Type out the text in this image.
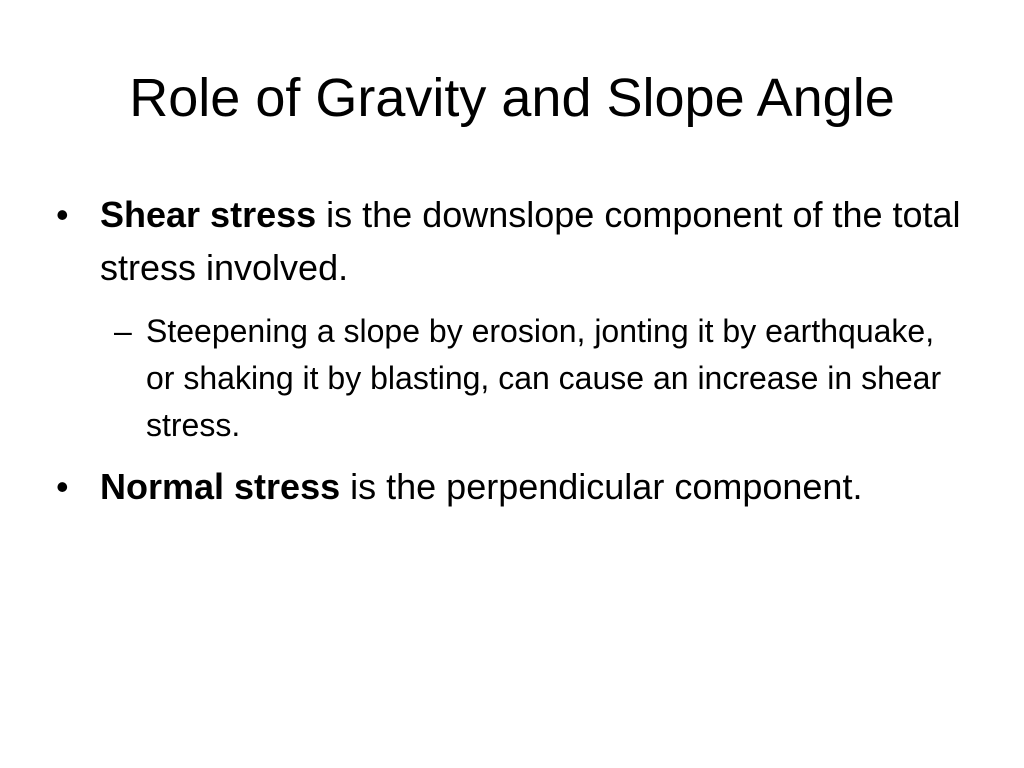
Role of Gravity and Slope Angle
• Shear stress is the downslope component of the total stress involved.
– Steepening a slope by erosion, jonting it by earthquake, or shaking it by blasting, can cause an increase in shear stress.
• Normal stress is the perpendicular component.
